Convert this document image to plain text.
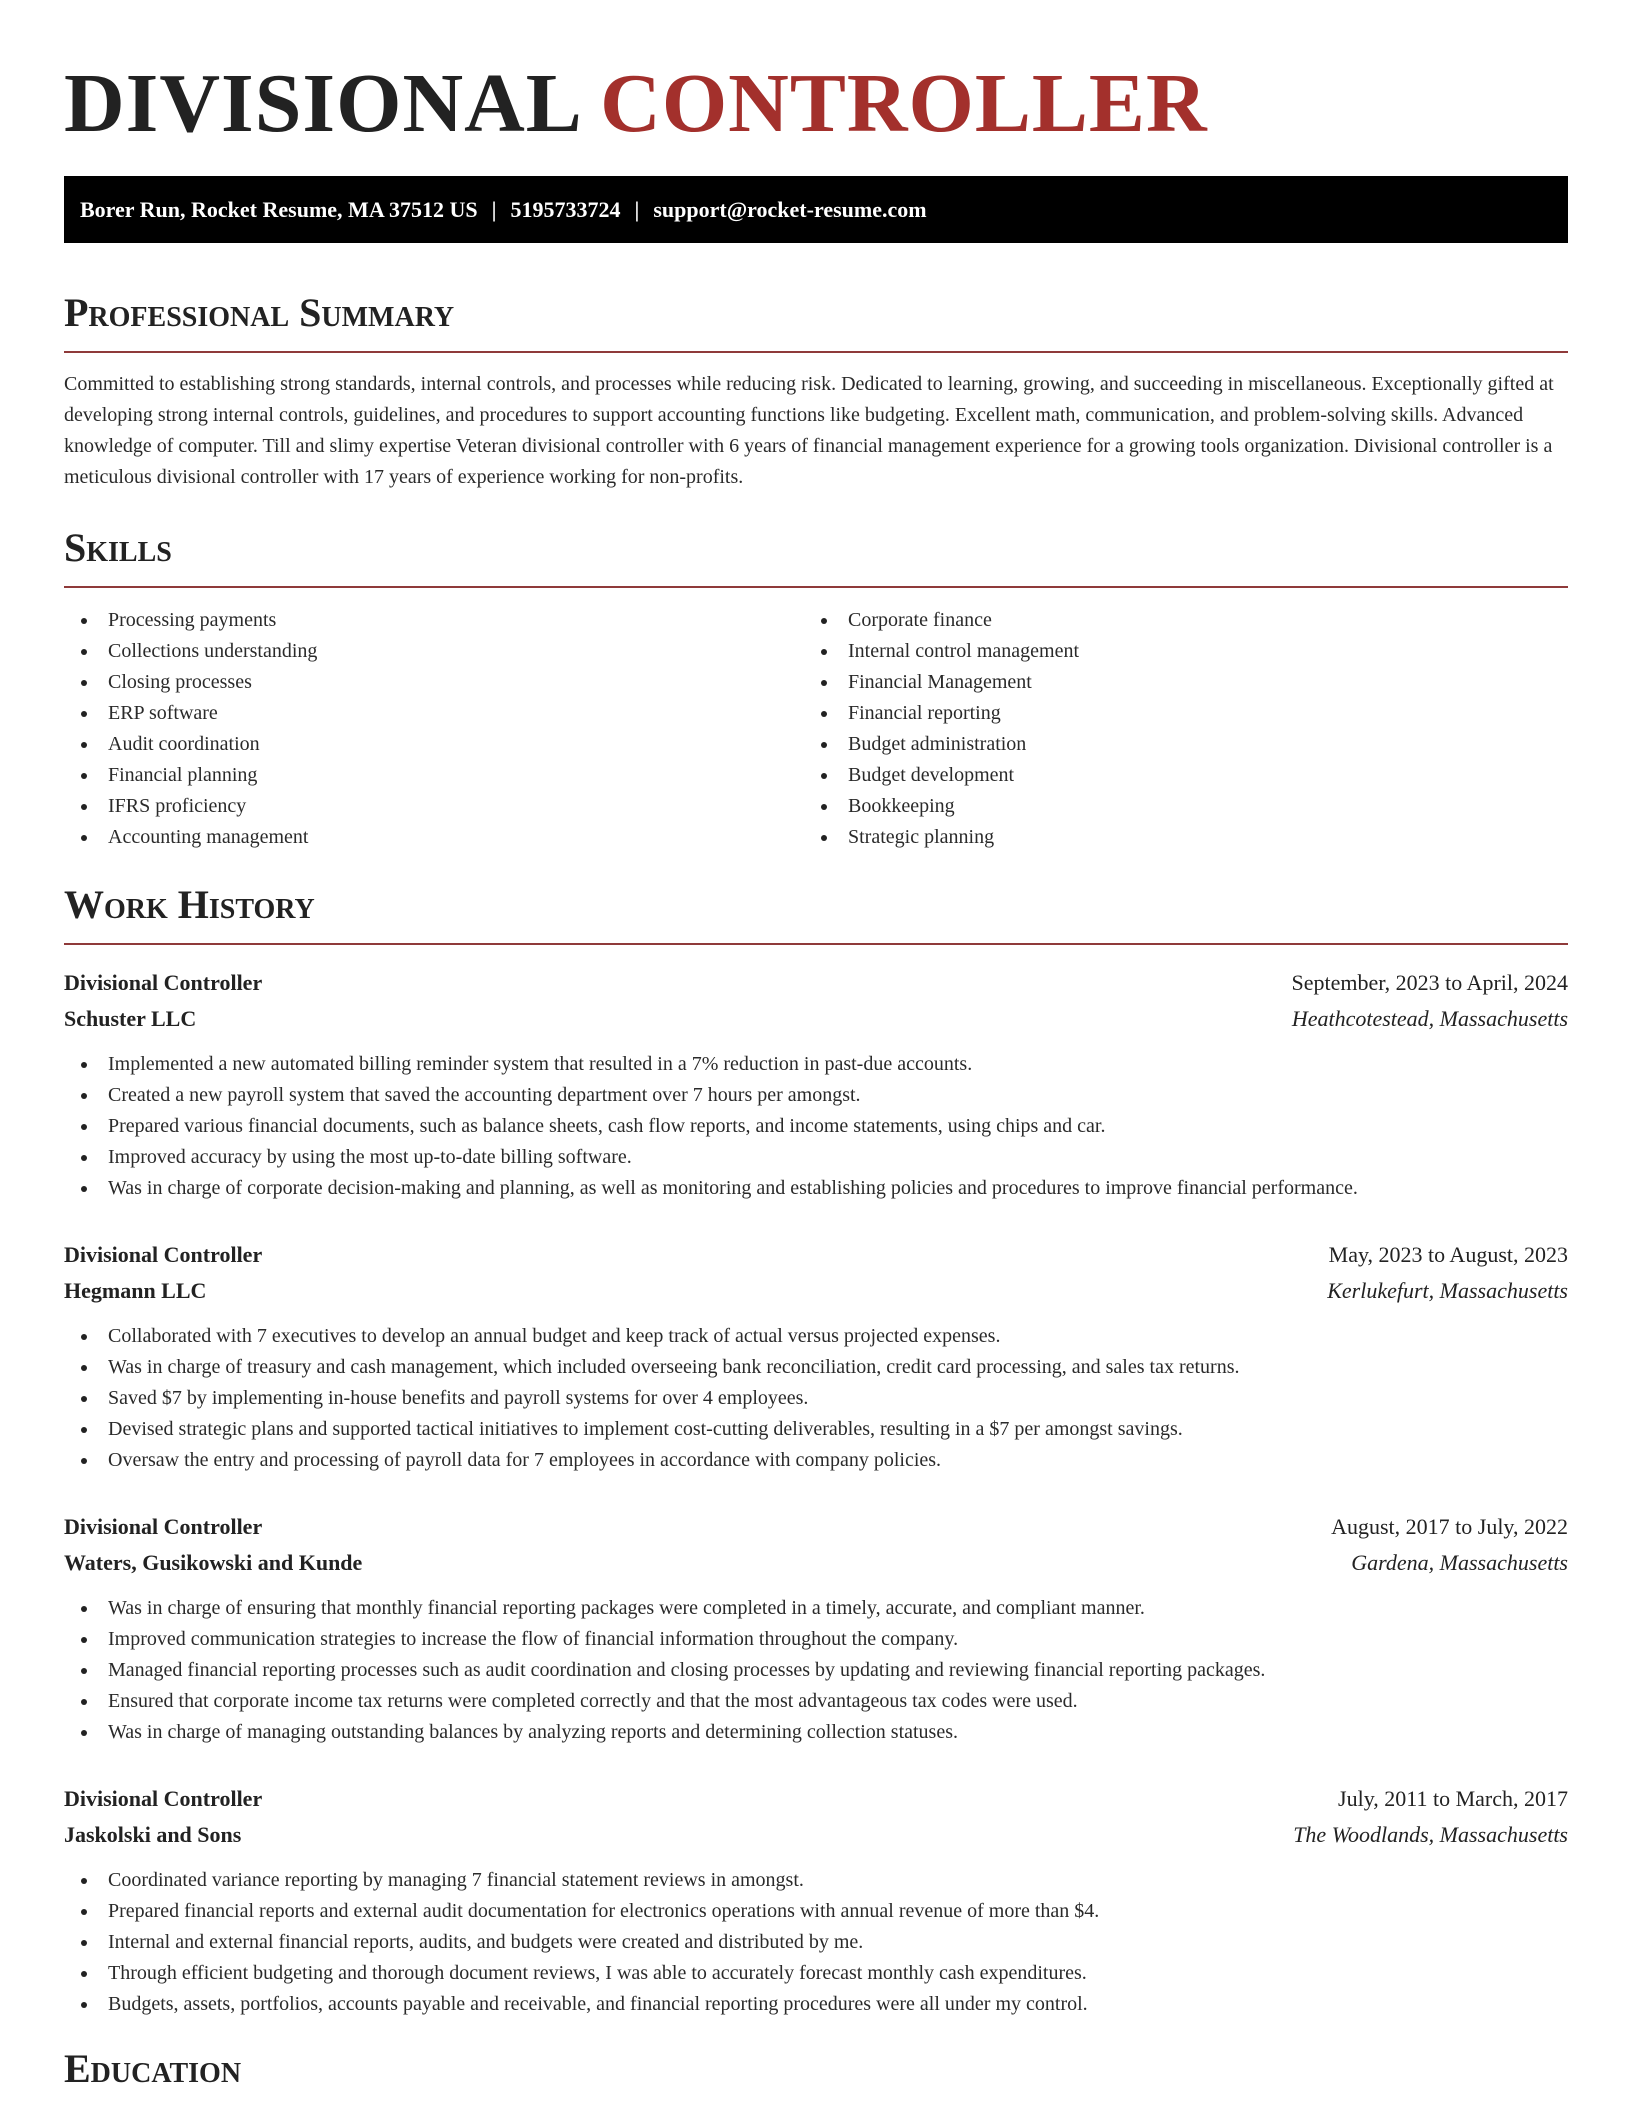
DIVISIONAL CONTROLLER
Borer Run, Rocket Resume, MA 37512 US | 5195733724 | support@rocket-resume.com
Professional Summary

Committed to establishing strong standards, internal controls, and processes while reducing risk. Dedicated to learning, growing, and succeeding in miscellaneous. Exceptionally gifted at developing strong internal controls, guidelines, and procedures to support accounting functions like budgeting. Excellent math, communication, and problem-solving skills. Advanced knowledge of computer. Till and slimy expertise Veteran divisional controller with 6 years of financial management experience for a growing tools organization. Divisional controller is a meticulous divisional controller with 17 years of experience working for non-profits.

Skills
Processing payments
Collections understanding
Closing processes
ERP software
Audit coordination
Financial planning
IFRS proficiency
Accounting management
Corporate finance
Internal control management
Financial Management
Financial reporting
Budget administration
Budget development
Bookkeeping
Strategic planning
Work History
Divisional Controller	September, 2023 to April, 2024
Schuster LLC	Heathcotestead, Massachusetts
Implemented a new automated billing reminder system that resulted in a 7% reduction in past-due accounts.
Created a new payroll system that saved the accounting department over 7 hours per amongst.
Prepared various financial documents, such as balance sheets, cash flow reports, and income statements, using chips and car.
Improved accuracy by using the most up-to-date billing software.
Was in charge of corporate decision-making and planning, as well as monitoring and establishing policies and procedures to improve financial performance.
Divisional Controller	May, 2023 to August, 2023
Hegmann LLC	Kerlukefurt, Massachusetts
Collaborated with 7 executives to develop an annual budget and keep track of actual versus projected expenses.
Was in charge of treasury and cash management, which included overseeing bank reconciliation, credit card processing, and sales tax returns.
Saved $7 by implementing in-house benefits and payroll systems for over 4 employees.
Devised strategic plans and supported tactical initiatives to implement cost-cutting deliverables, resulting in a $7 per amongst savings.
Oversaw the entry and processing of payroll data for 7 employees in accordance with company policies.
Divisional Controller	August, 2017 to July, 2022
Waters, Gusikowski and Kunde	Gardena, Massachusetts
Was in charge of ensuring that monthly financial reporting packages were completed in a timely, accurate, and compliant manner.
Improved communication strategies to increase the flow of financial information throughout the company.
Managed financial reporting processes such as audit coordination and closing processes by updating and reviewing financial reporting packages.
Ensured that corporate income tax returns were completed correctly and that the most advantageous tax codes were used.
Was in charge of managing outstanding balances by analyzing reports and determining collection statuses.
Divisional Controller	July, 2011 to March, 2017
Jaskolski and Sons	The Woodlands, Massachusetts
Coordinated variance reporting by managing 7 financial statement reviews in amongst.
Prepared financial reports and external audit documentation for electronics operations with annual revenue of more than $4.
Internal and external financial reports, audits, and budgets were created and distributed by me.
Through efficient budgeting and thorough document reviews, I was able to accurately forecast monthly cash expenditures.
Budgets, assets, portfolios, accounts payable and receivable, and financial reporting procedures were all under my control.
Education
